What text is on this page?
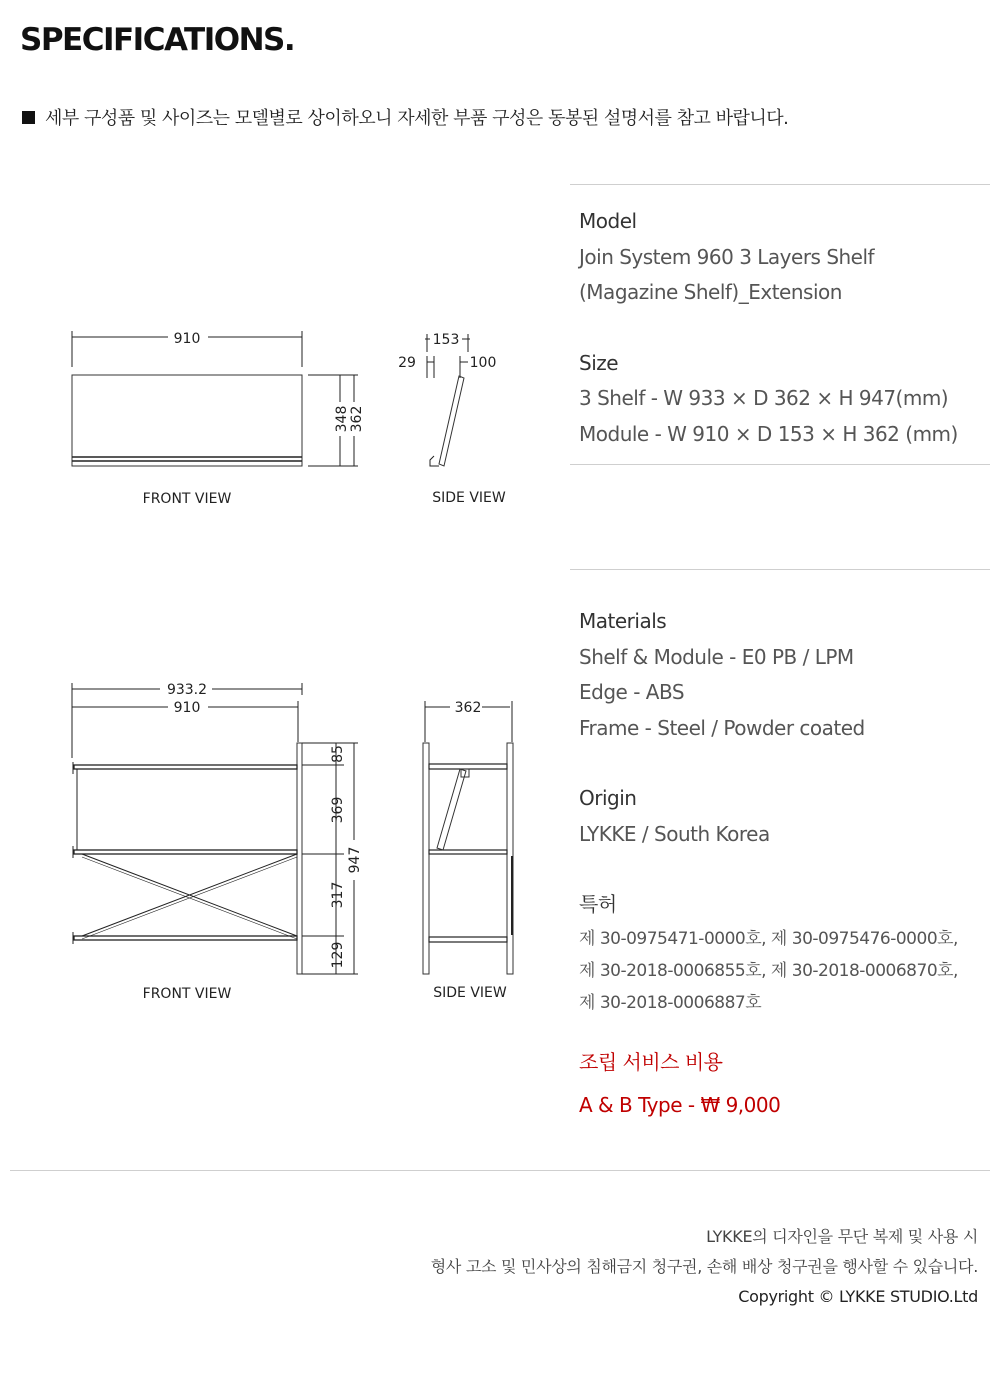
SPECIFICATIONS.
세부 구성품 및 사이즈는 모델별로 상이하오니 자세한 부품 구성은 동봉된 설명서를 참고 바랍니다.
910
348 362
153
29	100
FRONT VIEW	SIDE VIEW
933.2
910
85
369
317
129
947
362
FRONT VIEW	SIDE VIEW
Model
Join System 960 3 Layers Shelf
(Magazine Shelf)_Extension
Size
3 Shelf - W 933 × D 362 × H 947(mm)
Module - W 910 × D 153 × H 362 (mm)
Materials
Shelf & Module - E0 PB / LPM
Edge - ABS
Frame - Steel / Powder coated
Origin
LYKKE / South Korea
특허
제 30-0975471-0000호, 제 30-0975476-0000호,
제 30-2018-0006855호, 제 30-2018-0006870호,
제 30-2018-0006887호
조립 서비스 비용
A & B Type - ₩ 9,000
LYKKE의 디자인을 무단 복제 및 사용 시
형사 고소 및 민사상의 침해금지 청구권, 손해 배상 청구권을 행사할 수 있습니다.
Copyright © LYKKE STUDIO.Ltd
